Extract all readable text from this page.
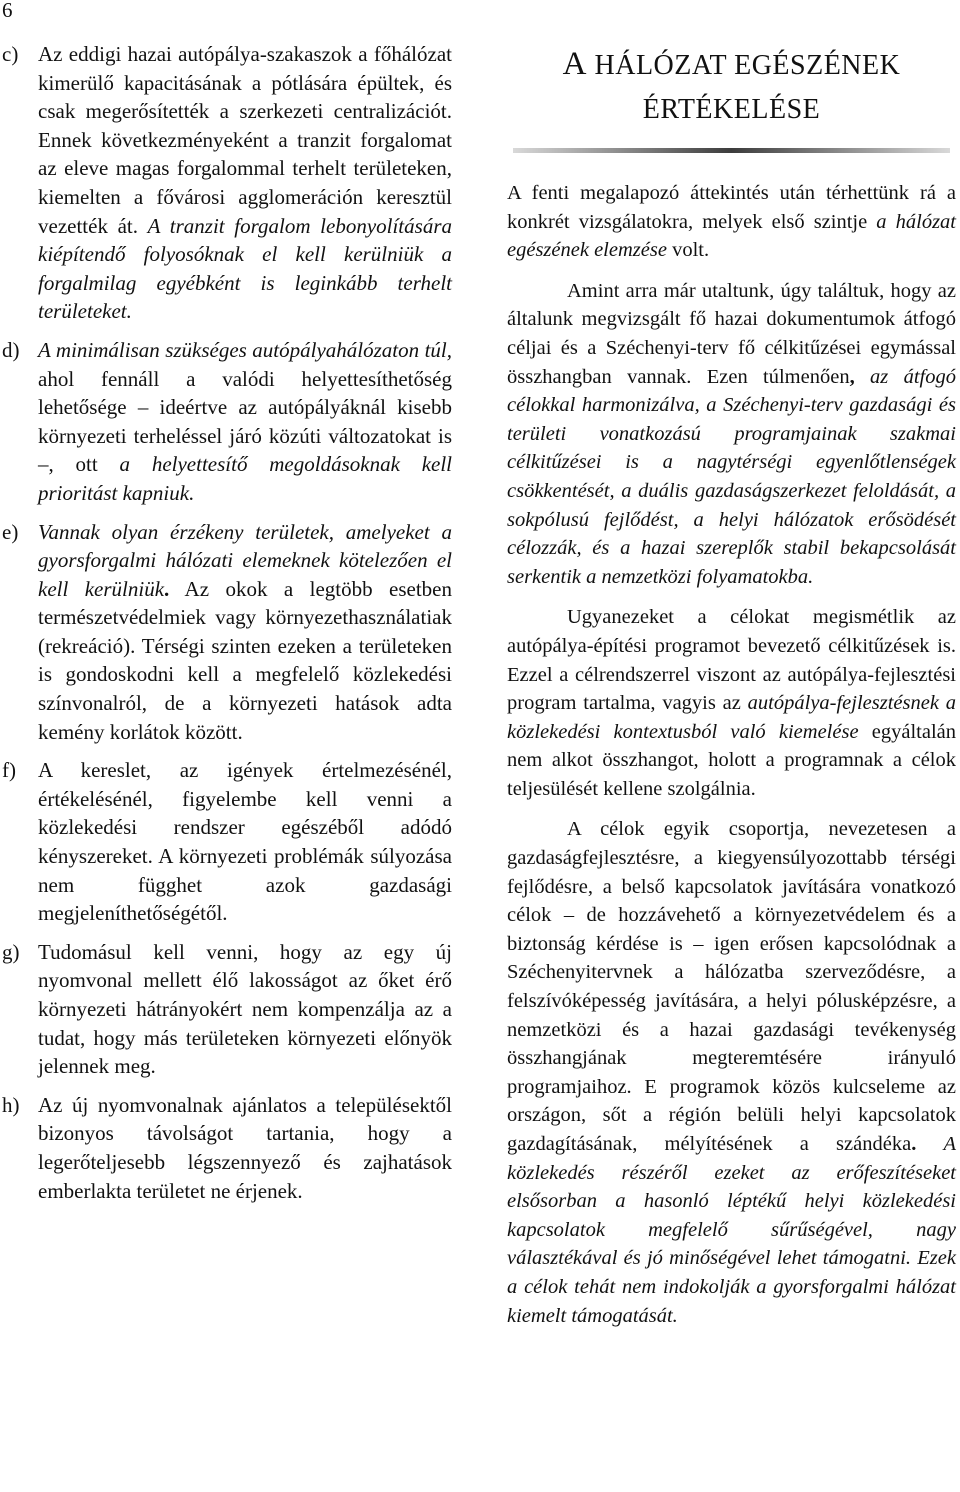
6
c) Az eddigi hazai autópálya-szakaszok a főhálózat kimerülő kapacitásának a pótlására épültek, és csak megerősítették a szerkezeti centralizációt. Ennek következményeként a tranzit forgalomat az eleve magas forgalommal terhelt területeken, kiemelten a fővárosi agglomeráción keresztül vezették át. A tranzit forgalom lebonyolítására kiépítendő folyosóknak el kell kerülniük a forgalmilag egyébként is leginkább terhelt területeket.
d) A minimálisan szükséges autópályahálózaton túl, ahol fennáll a valódi helyettesíthetőség lehetősége – ideértve az autópályáknál kisebb környezeti terheléssel járó közúti változatokat is –, ott a helyettesítő megoldásoknak kell prioritást kapniuk.
e) Vannak olyan érzékeny területek, amelyeket a gyorsforgalmi hálózati elemeknek kötelezően el kell kerülniük. Az okok a legtöbb esetben természetvédelmiek vagy környezethasználatiak (rekreáció). Térségi szinten ezeken a területeken is gondoskodni kell a megfelelő közlekedési színvonalról, de a környezeti hatások adta kemény korlátok között.
f) A kereslet, az igények értelmezésénél, értékelésénél, figyelembe kell venni a közlekedési rendszer egészéből adódó kényszereket. A környezeti problémák súlyozása nem függhet azok gazdasági megjeleníthetőségétől.
g) Tudomásul kell venni, hogy az egy új nyomvonal mellett élő lakosságot az őket érő környezeti hátrányokért nem kompenzálja az a tudat, hogy más területeken környezeti előnyök jelennek meg.
h) Az új nyomvonalnak ajánlatos a településektől bizonyos távolságot tartania, hogy a legerőteljesebb légszennyező és zajhatások emberlakta területet ne érjenek.
A HÁLÓZAT EGÉSZÉNEK
ÉRTÉKELÉSE

A fenti megalapozó áttekintés után térhettünk rá a konkrét vizsgálatokra, melyek első szintje a hálózat egészének elemzése volt.

Amint arra már utaltunk, úgy találtuk, hogy az általunk megvizsgált fő hazai dokumentumok átfogó céljai és a Széchenyi-terv fő célkitűzései egymással összhangban vannak. Ezen túlmenően, az átfogó célokkal harmonizálva, a Széchenyi-terv gazdasági és területi vonatkozású programjainak szakmai célkitűzései is a nagytérségi egyenlőtlenségek csökkentését, a duális gazdaságszerkezet feloldását, a sokpólusú fejlődést, a helyi hálózatok erősödését célozzák, és a hazai szereplők stabil bekapcsolását serkentik a nemzetközi folyamatokba.

Ugyanezeket a célokat megismétlik az autópálya-építési programot bevezető célkitűzések is. Ezzel a célrendszerrel viszont az autópálya-fejlesztési program tartalma, vagyis az autópálya-fejlesztésnek a közlekedési kontextusból való kiemelése egyáltalán nem alkot összhangot, holott a programnak a célok teljesülését kellene szolgálnia.

A célok egyik csoportja, nevezetesen a gazdaságfejlesztésre, a kiegyensúlyozottabb térségi fejlődésre, a belső kapcsolatok javítására vonatkozó célok – de hozzávehető a környezetvédelem és a biztonság kérdése is – igen erősen kapcsolódnak a Széchenyitervnek a hálózatba szerveződésre, a felszívóképesség javítására, a helyi pólusképzésre, a nemzetközi és a hazai gazdasági tevékenység összhangjának megteremtésére irányuló programjaihoz. E programok közös kulcseleme az országon, sőt a régión belüli helyi kapcsolatok gazdagításának, mélyítésének a szándéka. A közlekedés részéről ezeket az erőfeszítéseket elsősorban a hasonló léptékű helyi közlekedési kapcsolatok megfelelő sűrűségével, nagy választékával és jó minőségével lehet támogatni. Ezek a célok tehát nem indokolják a gyorsforgalmi hálózat kiemelt támogatását.
